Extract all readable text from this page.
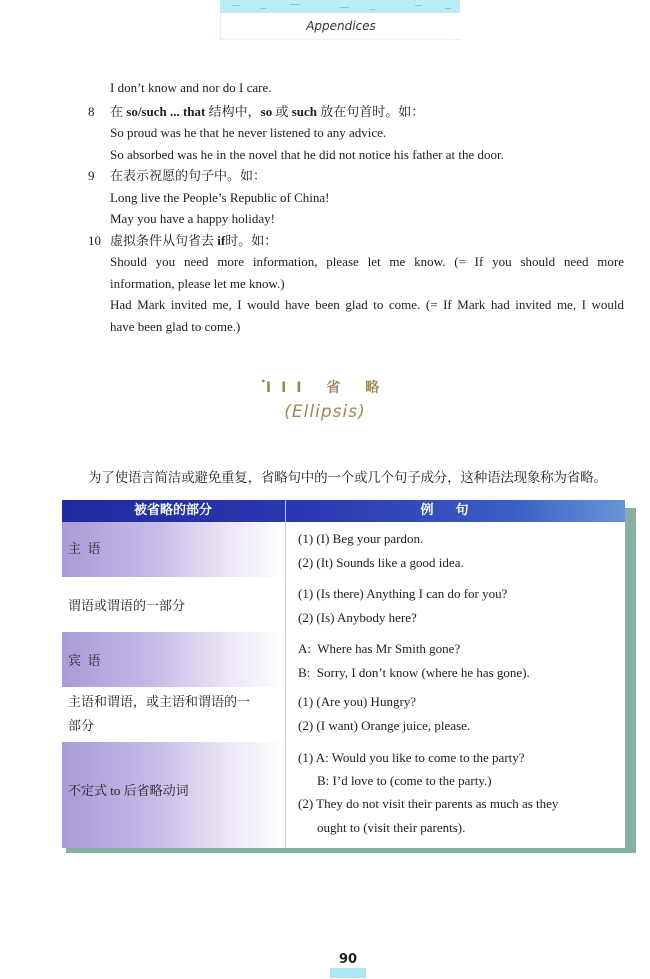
Appendices
I don’t know and nor do I care.
8 在 so/such ... that 结构中，so 或 such 放在句首时。如：
So proud was he that he never listened to any advice.
So absorbed was he in the novel that he did not notice his father at the door.
9 在表示祝愿的句子中。如：
Long live the People’s Republic of China!
May you have a happy holiday!
10 虚拟条件从句省去 if时。如：
Should you need more information, please let me know. (= If you should need more
information, please let me know.)
Had Mark invited me, I would have been glad to come. (= If Mark had invited me, I would
have been glad to come.)
•III 省 略
(Ellipsis)
为了使语言简洁或避免重复，省略句中的一个或几个句子成分，这种语法现象称为省略。
被省略的部分	例句
主  语
(1) (I) Beg your pardon.
(2) (It) Sounds like a good idea.
谓语或谓语的一部分
(1) (Is there) Anything I can do for you?
(2) (Is) Anybody here?
宾  语
A:  Where has Mr Smith gone?
B:  Sorry, I don’t know (where he has gone).
主语和谓语，或主语和谓语的一
部分
(1) (Are you) Hungry?
(2) (I want) Orange juice, please.
不定式 to 后省略动词
(1) A: Would you like to come to the party?
B: I’d love to (come to the party.)
(2) They do not visit their parents as much as they
ought to (visit their parents).
90
